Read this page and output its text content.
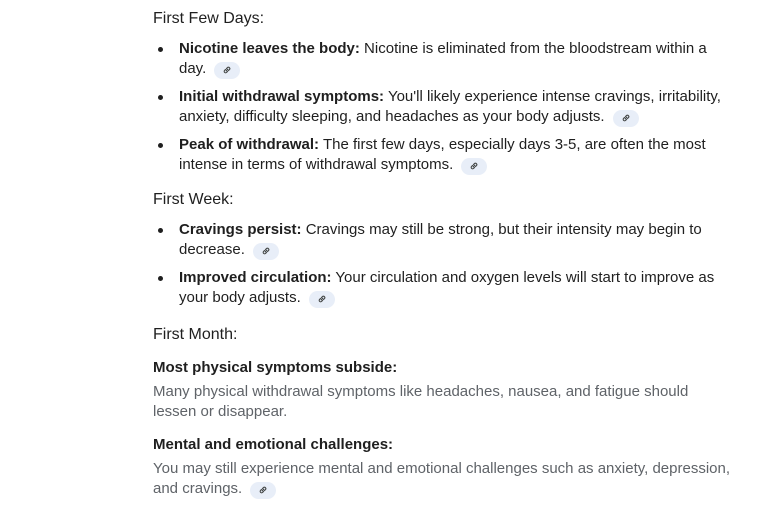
First Few Days:
Nicotine leaves the body: Nicotine is eliminated from the bloodstream within a day.
Initial withdrawal symptoms: You'll likely experience intense cravings, irritability, anxiety, difficulty sleeping, and headaches as your body adjusts.
Peak of withdrawal: The first few days, especially days 3-5, are often the most intense in terms of withdrawal symptoms.
First Week:
Cravings persist: Cravings may still be strong, but their intensity may begin to decrease.
Improved circulation: Your circulation and oxygen levels will start to improve as your body adjusts.
First Month:

Most physical symptoms subside:

Many physical withdrawal symptoms like headaches, nausea, and fatigue should lessen or disappear.

Mental and emotional challenges:

You may still experience mental and emotional challenges such as anxiety, depression, and cravings.
